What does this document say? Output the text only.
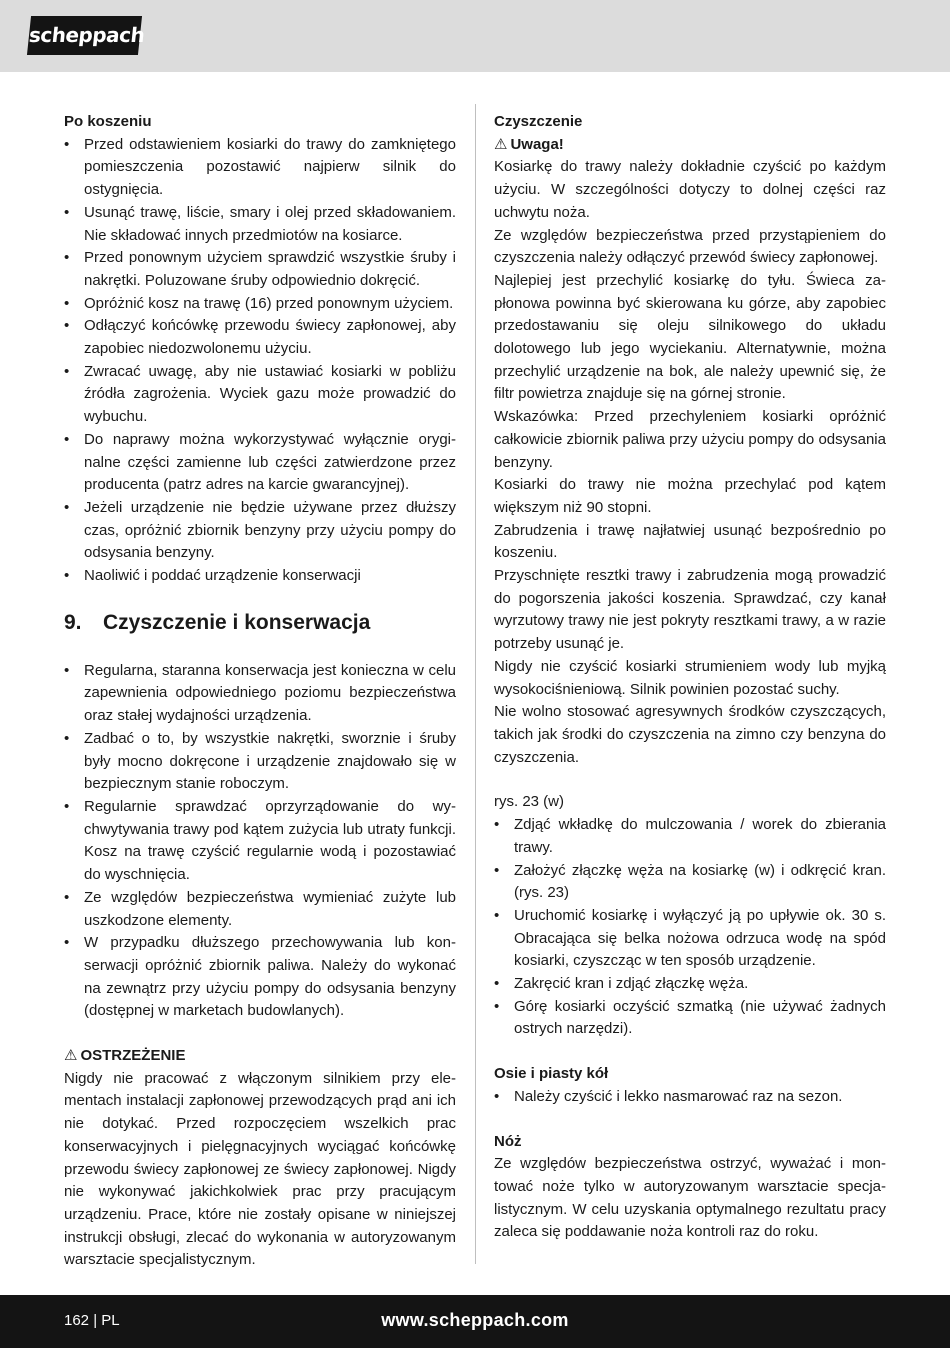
scheppach

Po koszeniu

• Przed odstawieniem kosiarki do trawy do zamkniętego pomieszczenia pozostawić najpierw silnik do ostygnięcia.
• Usunąć trawę, liście, smary i olej przed składowaniem. Nie składować innych przedmiotów na kosiarce.
• Przed ponownym użyciem sprawdzić wszystkie śruby i nakrętki. Poluzowane śruby odpowiednio dokręcić.
• Opróżnić kosz na trawę (16) przed ponownym użyciem.
• Odłączyć końcówkę przewodu świecy zapłonowej, aby zapobiec niedozwolonemu użyciu.
• Zwracać uwagę, aby nie ustawiać kosiarki w pobliżu źródła zagrożenia. Wyciek gazu może prowadzić do wybuchu.
• Do naprawy można wykorzystywać wyłącznie oryginalne części zamienne lub części zatwierdzone przez producenta (patrz adres na karcie gwarancyjnej).
• Jeżeli urządzenie nie będzie używane przez dłuższy czas, opróżnić zbiornik benzyny przy użyciu pompy do odsysania benzyny.
• Naoliwić i poddać urządzenie konserwacji
9. Czyszczenie i konserwacja
• Regularna, staranna konserwacja jest konieczna w celu zapewnienia odpowiedniego poziomu bezpieczeństwa oraz stałej wydajności urządzenia.
• Zadbać o to, by wszystkie nakrętki, sworznie i śruby były mocno dokręcone i urządzenie znajdowało się w bezpiecznym stanie roboczym.
• Regularnie sprawdzać oprzyrządowanie do wychwytywania trawy pod kątem zużycia lub utraty funkcji. Kosz na trawę czyścić regularnie wodą i pozostawiać do wyschnięcia.
• Ze względów bezpieczeństwa wymieniać zużyte lub uszkodzone elementy.
• W przypadku dłuższego przechowywania lub konserwacji opróżnić zbiornik paliwa. Należy do wykonać na zewnątrz przy użyciu pompy do odsysania benzyny (dostępnej w marketach budowlanych).

⚠ OSTRZEŻENIE

Nigdy nie pracować z włączonym silnikiem przy elementach instalacji zapłonowej przewodzących prąd ani ich nie dotykać. Przed rozpoczęciem wszelkich prac konserwacyjnych i pielęgnacyjnych wyciągać końcówkę przewodu świecy zapłonowej ze świecy zapłonowej. Nigdy nie wykonywać jakichkolwiek prac przy pracującym urządzeniu. Prace, które nie zostały opisane w niniejszej instrukcji obsługi, zlecać do wykonania w autoryzowanym warsztacie specjalistycznym.

Czyszczenie

⚠ Uwaga!

Kosiarkę do trawy należy dokładnie czyścić po każdym użyciu. W szczególności dotyczy to dolnej części raz uchwytu noża.

Ze względów bezpieczeństwa przed przystąpieniem do czyszczenia należy odłączyć przewód świecy zapłonowej.

Najlepiej jest przechylić kosiarkę do tyłu. Świeca zapłonowa powinna być skierowana ku górze, aby zapobiec przedostawaniu się oleju silnikowego do układu dolotowego lub jego wyciekaniu. Alternatywnie, można przechylić urządzenie na bok, ale należy upewnić się, że filtr powietrza znajduje się na górnej stronie.

Wskazówka: Przed przechyleniem kosiarki opróżnić całkowicie zbiornik paliwa przy użyciu pompy do odsysania benzyny.

Kosiarki do trawy nie można przechylać pod kątem większym niż 90 stopni.

Zabrudzenia i trawę najłatwiej usunąć bezpośrednio po koszeniu.

Przyschnięte resztki trawy i zabrudzenia mogą prowadzić do pogorszenia jakości koszenia. Sprawdzać, czy kanał wyrzutowy trawy nie jest pokryty resztkami trawy, a w razie potrzeby usunąć je.

Nigdy nie czyścić kosiarki strumieniem wody lub myjką wysokociśnieniową. Silnik powinien pozostać suchy.

Nie wolno stosować agresywnych środków czyszczących, takich jak środki do czyszczenia na zimno czy benzyna do czyszczenia.

rys. 23 (w)

• Zdjąć wkładkę do mulczowania / worek do zbierania trawy.
• Założyć złączkę węża na kosiarkę (w) i odkręcić kran. (rys. 23)
• Uruchomić kosiarkę i wyłączyć ją po upływie ok. 30 s. Obracająca się belka nożowa odrzuca wodę na spód kosiarki, czyszcząc w ten sposób urządzenie.
• Zakręcić kran i zdjąć złączkę węża.
• Górę kosiarki oczyścić szmatką (nie używać żadnych ostrych narzędzi).

Osie i piasty kół

• Należy czyścić i lekko nasmarować raz na sezon.

Nóż

Ze względów bezpieczeństwa ostrzyć, wyważać i montować noże tylko w autoryzowanym warsztacie specjalistycznym. W celu uzyskania optymalnego rezultatu pracy zaleca się poddawanie noża kontroli raz do roku.

162 | PL	www.scheppach.com
